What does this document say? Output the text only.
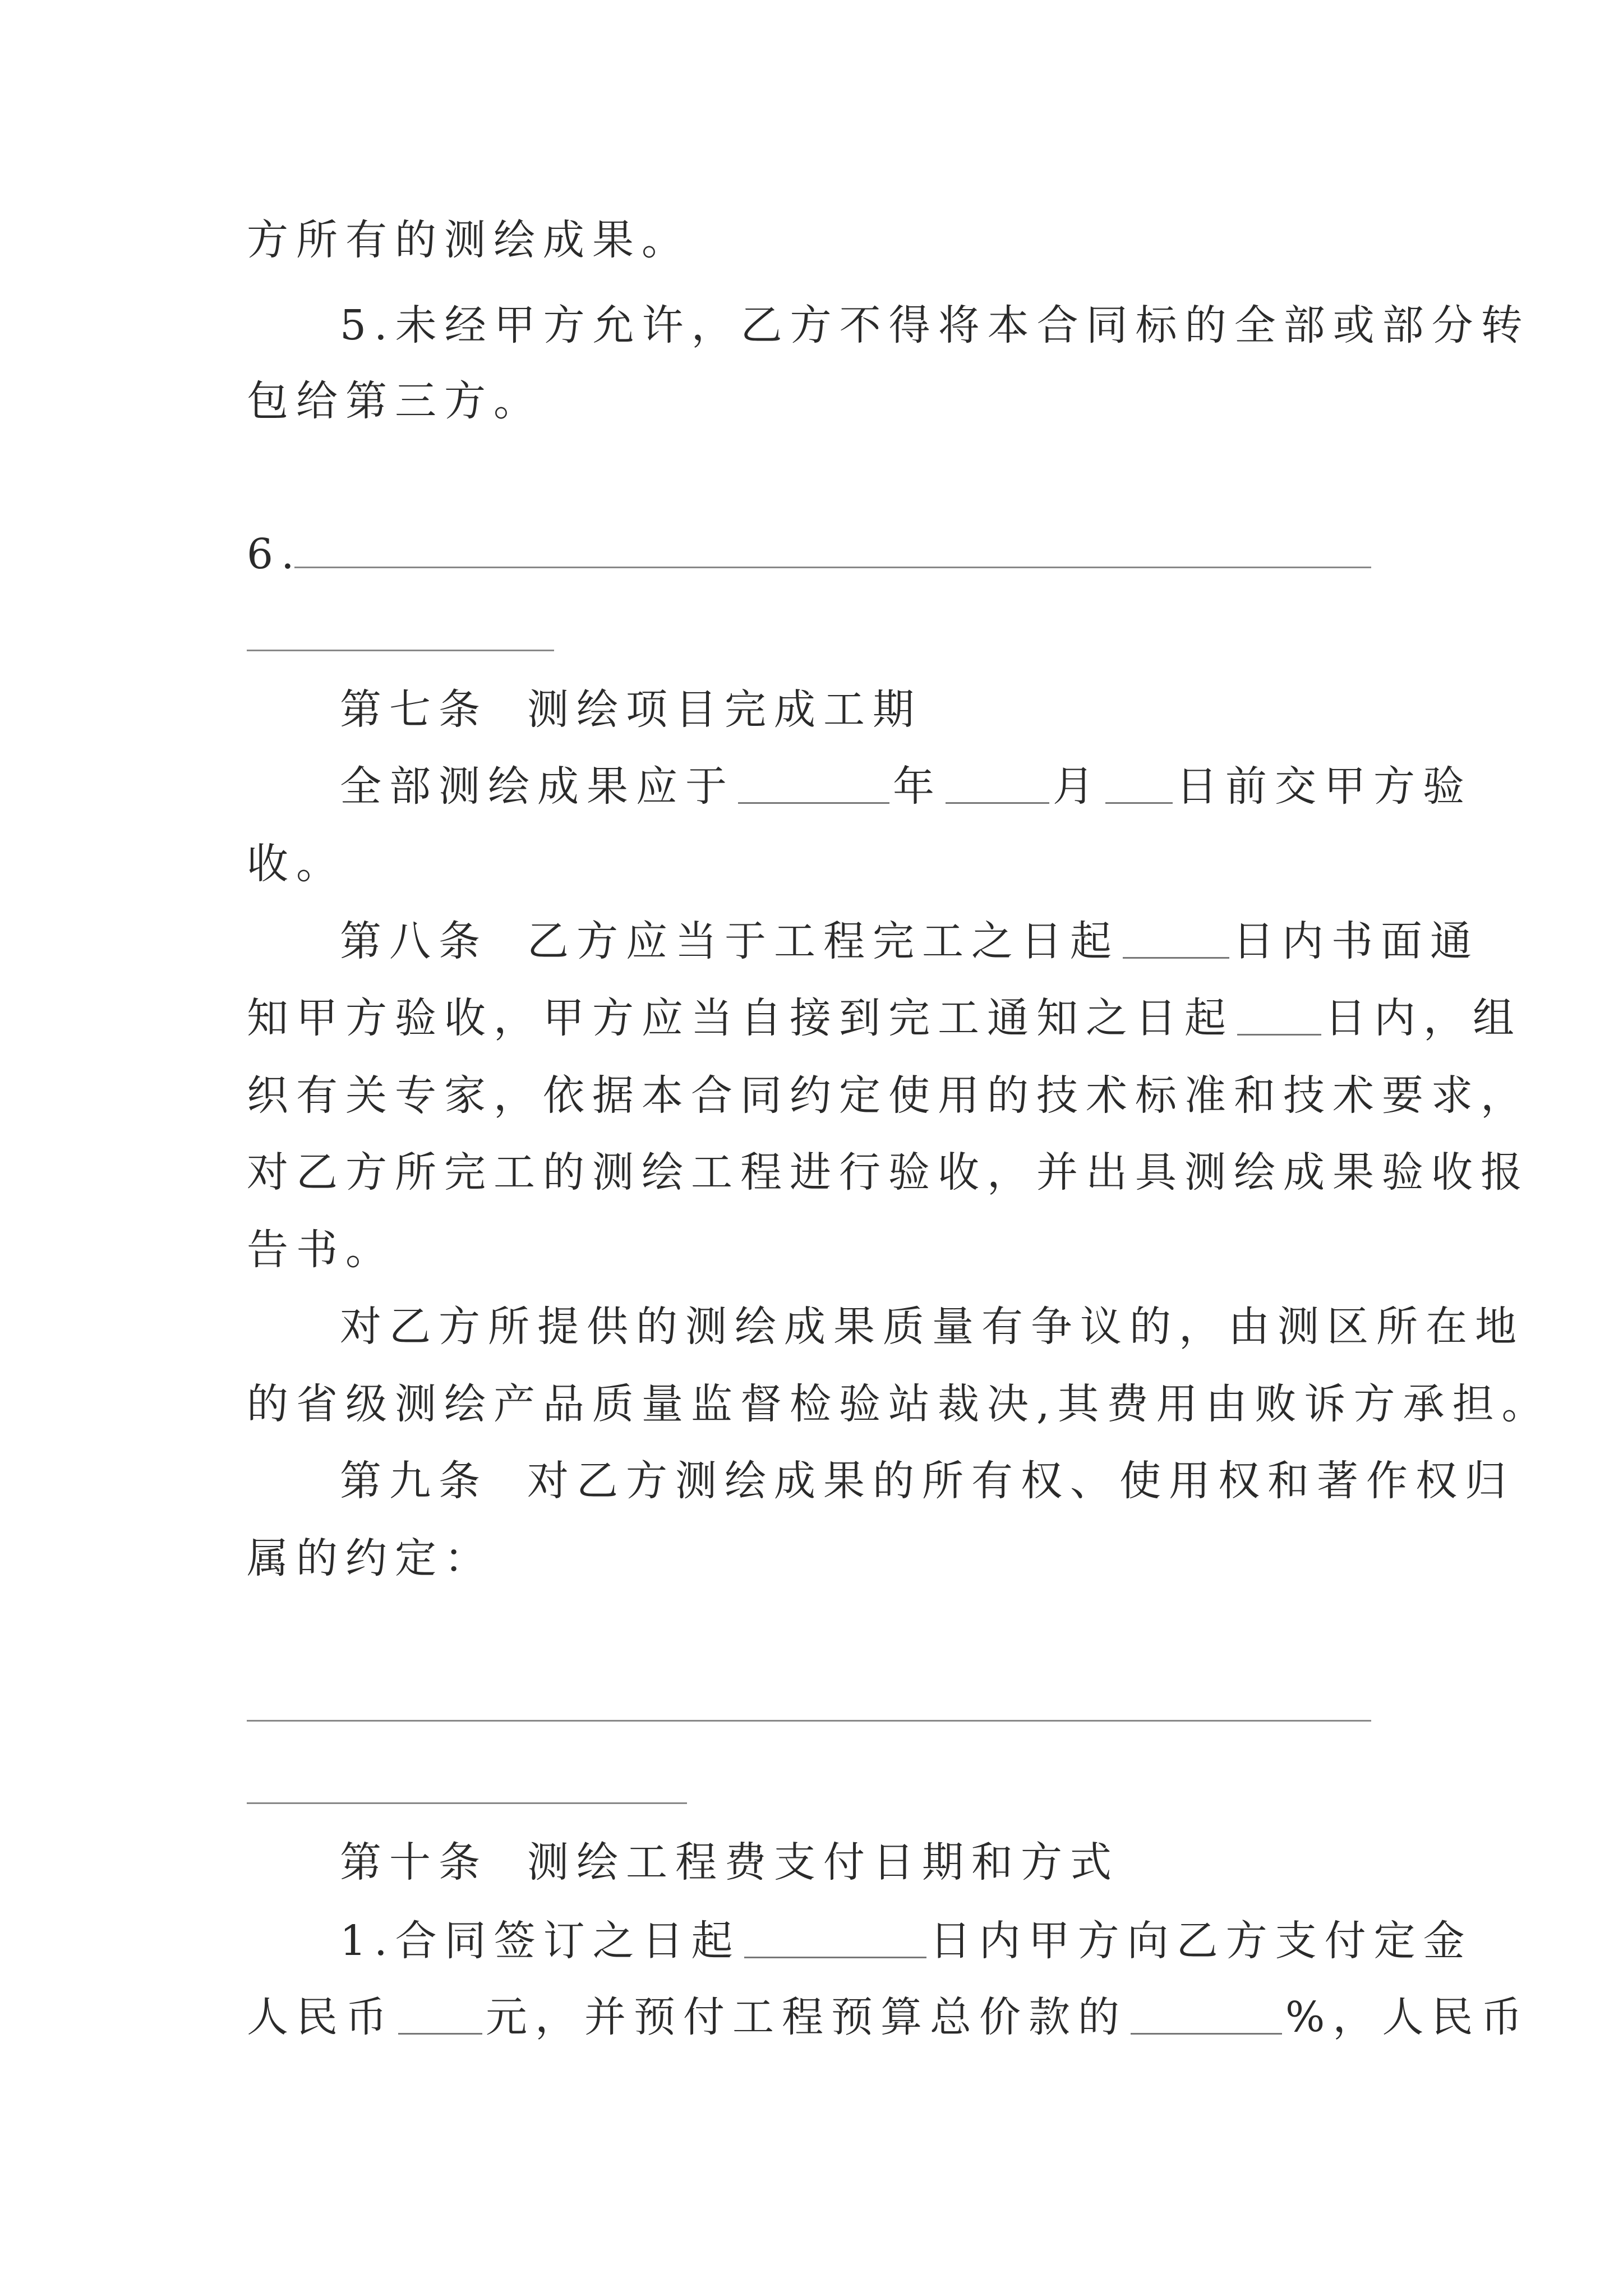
方所有的测绘成果。
5.未经甲方允许，乙方不得将本合同标的全部或部分转
包给第三方。
6.
第七条 测绘项目完成工期
全部测绘成果应于	年	月 日前交甲方验
收。
第八条 乙方应当于工程完工之日起	日内书面通
知甲方验收，甲方应当自接到完工通知之日起 日内，组
织有关专家，依据本合同约定使用的技术标准和技术要求，
对乙方所完工的测绘工程进行验收，并出具测绘成果验收报
告书。
对乙方所提供的测绘成果质量有争议的，由测区所在地
的省级测绘产品质量监督检验站裁决,其费用由败诉方承担。
第九条 对乙方测绘成果的所有权、使用权和著作权归
属的约定：
第十条 测绘工程费支付日期和方式
1.合同签订之日起	日内甲方向乙方支付定金
人民币 元，并预付工程预算总价款的	%，人民币
